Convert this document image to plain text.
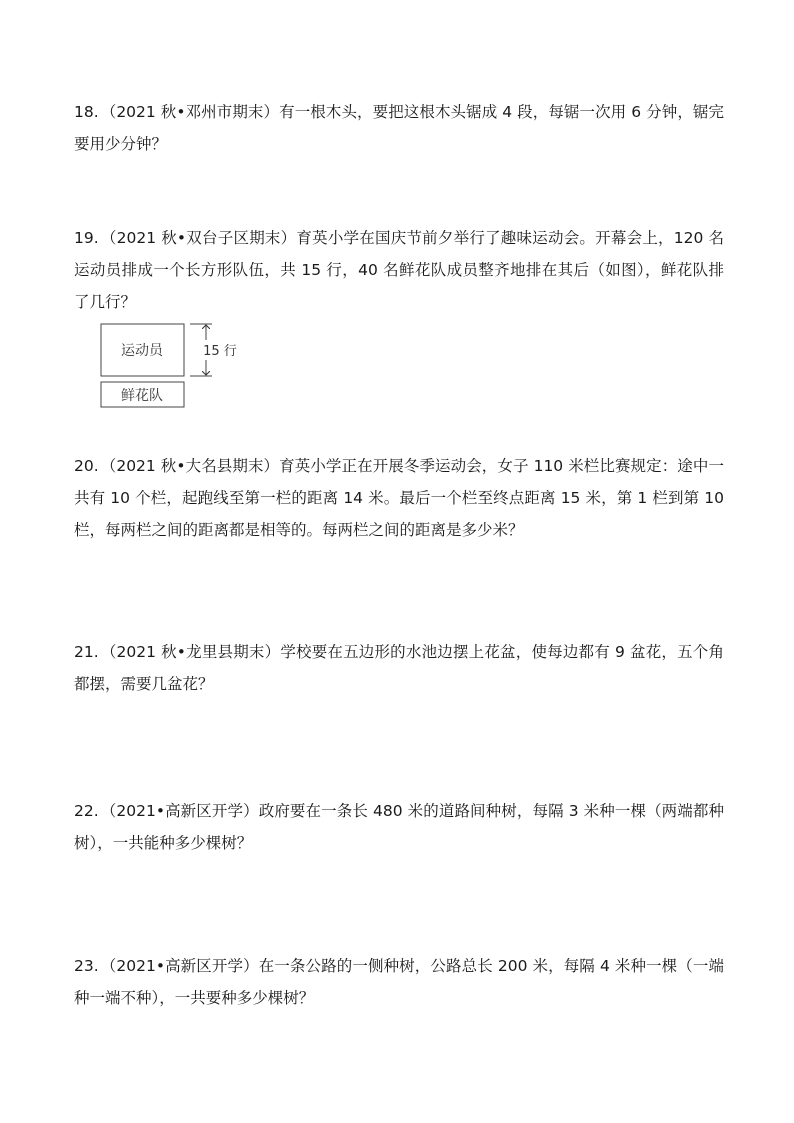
18. （2021 秋•邓州市期末）有一根木头，要把这根木头锯成 4 段，每锯一次用 6 分钟，锯完要用少分钟？
19. （2021 秋•双台子区期末）育英小学在国庆节前夕举行了趣味运动会。开幕会上，120 名运动员排成一个长方形队伍，共 15 行，40 名鲜花队成员整齐地排在其后（如图），鲜花队排了几行？
运动员
鲜花队
15 行
20. （2021 秋•大名县期末）育英小学正在开展冬季运动会，女子 110 米栏比赛规定：途中一共有 10 个栏，起跑线至第一栏的距离 14 米。最后一个栏至终点距离 15 米，第 1 栏到第 10 栏，每两栏之间的距离都是相等的。每两栏之间的距离是多少米？
21. （2021 秋•龙里县期末）学校要在五边形的水池边摆上花盆，使每边都有 9 盆花，五个角都摆，需要几盆花？
22. （2021•高新区开学）政府要在一条长 480 米的道路间种树，每隔 3 米种一棵（两端都种树），一共能种多少棵树？
23. （2021•高新区开学）在一条公路的一侧种树，公路总长 200 米，每隔 4 米种一棵（一端种一端不种），一共要种多少棵树？
